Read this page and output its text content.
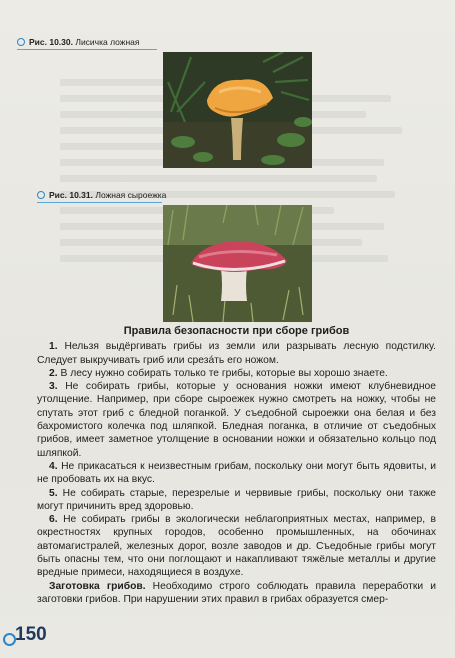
Рис. 10.30. Лисичка ложная
Рис. 10.31. Ложная сыроежка
Правила безопасности при сборе грибов

1. Нельзя выдёргивать грибы из земли или разрывать лесную подстилку. Следует выкручивать гриб или срезáть его ножом.

2. В лесу нужно собирать только те грибы, которые вы хорошо знаете.

3. Не собирать грибы, которые у основания ножки имеют клубневидное утолщение. Например, при сборе сыроежек нужно смотреть на ножку, чтобы не спутать этот гриб с бледной поганкой. У съедобной сыроежки она белая и без бахромистого колечка под шляпкой. Бледная поганка, в отличие от съедобных грибов, имеет заметное утолщение в основании ножки и обязательно кольцо под шляпкой.

4. Не прикасаться к неизвестным грибам, поскольку они могут быть ядовиты, и не пробовать их на вкус.

5. Не собирать старые, перезрелые и червивые грибы, поскольку они также могут причинить вред здоровью.

6. Не собирать грибы в экологически неблагоприятных местах, например, в окрестностях крупных городов, особенно промышленных, на обочинах автомагистралей, железных дорог, возле заводов и др. Съедобные грибы могут быть опасны тем, что они поглощают и накапливают тяжёлые металлы и другие вредные примеси, находящиеся в воздухе.

Заготовка грибов. Необходимо строго соблюдать правила переработки и заготовки грибов. При нарушении этих правил в грибах образуется смер-

150
